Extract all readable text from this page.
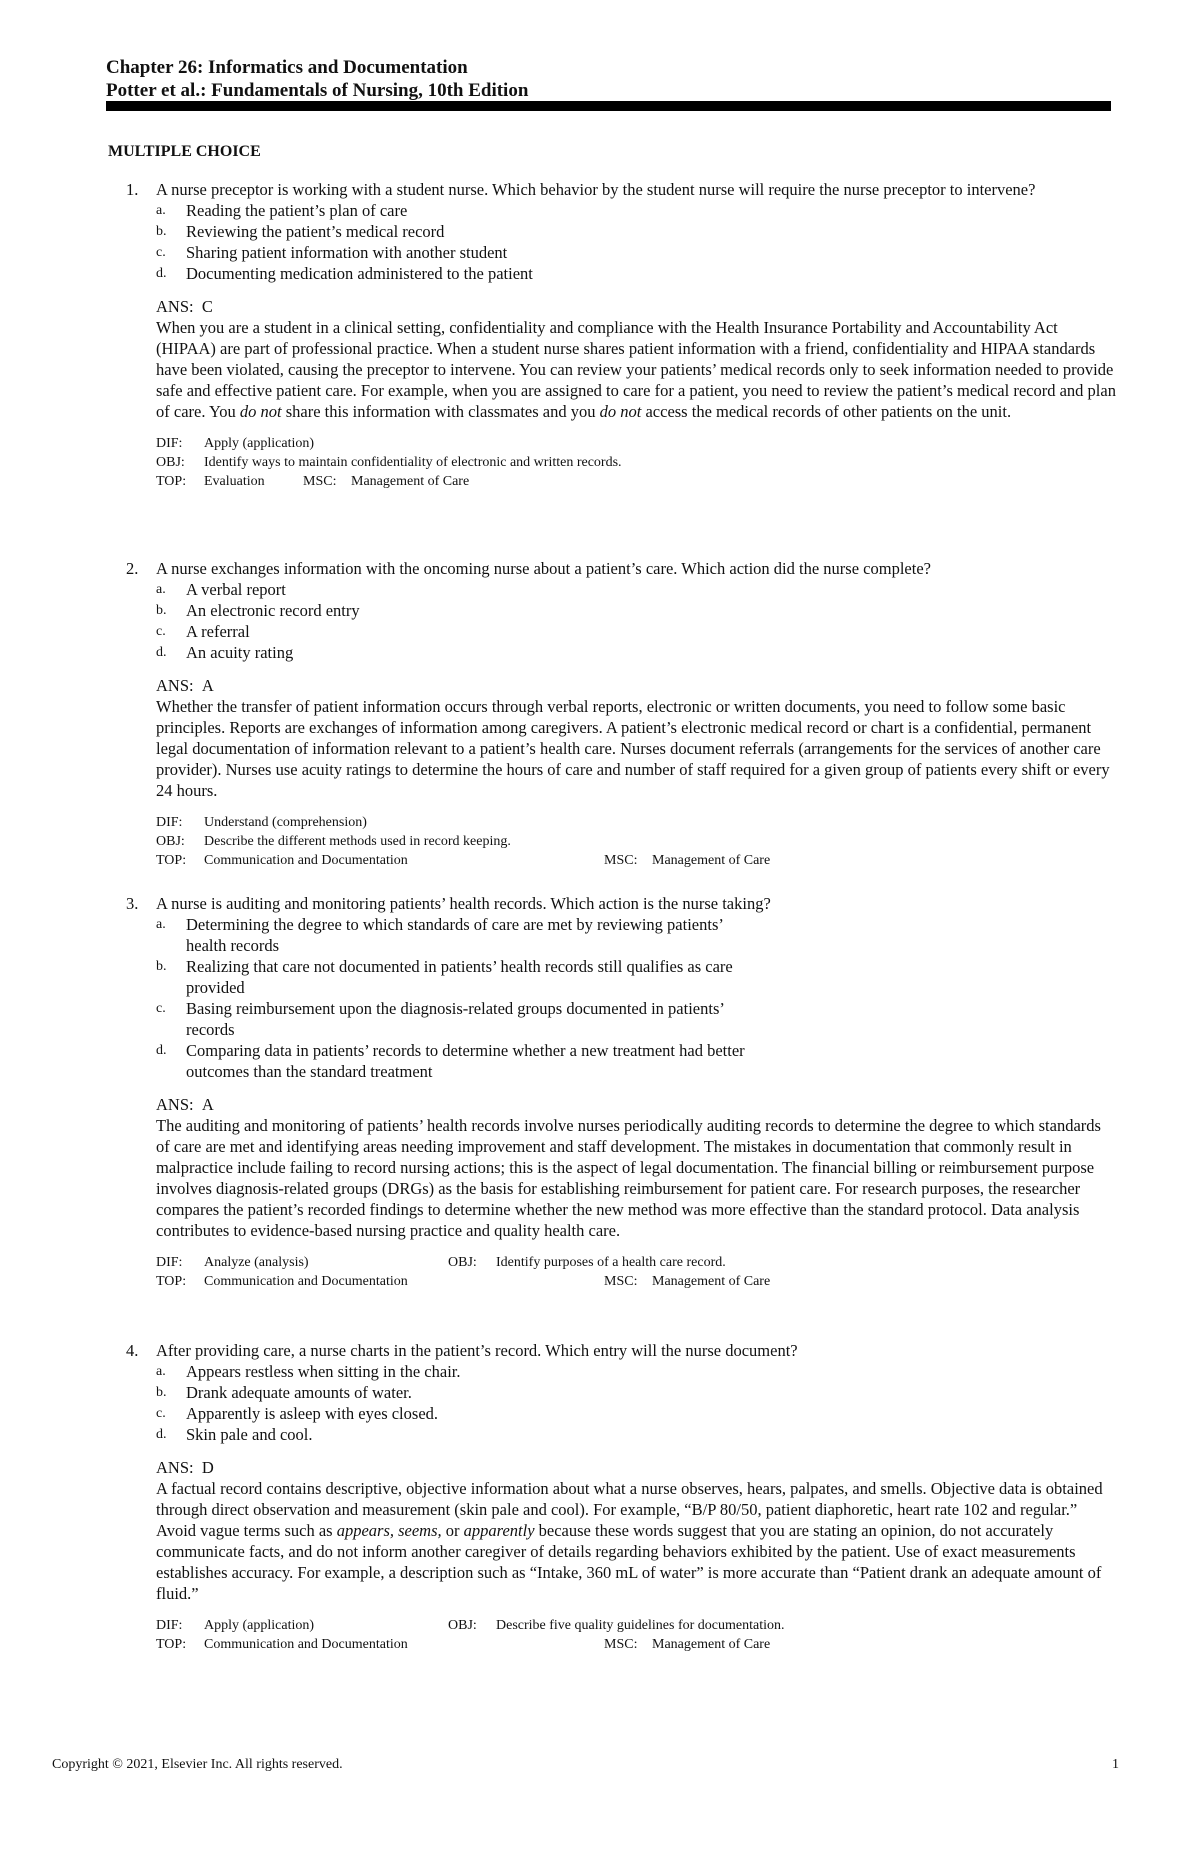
Chapter 26: Informatics and Documentation
Potter et al.: Fundamentals of Nursing, 10th Edition
MULTIPLE CHOICE
1. A nurse preceptor is working with a student nurse. Which behavior by the student nurse will require the nurse preceptor to intervene?
a. Reading the patient’s plan of care
b. Reviewing the patient’s medical record
c. Sharing patient information with another student
d. Documenting medication administered to the patient
ANS: C
When you are a student in a clinical setting, confidentiality and compliance with the Health Insurance Portability and Accountability Act (HIPAA) are part of professional practice. When a student nurse shares patient information with a friend, confidentiality and HIPAA standards have been violated, causing the preceptor to intervene. You can review your patients’ medical records only to seek information needed to provide safe and effective patient care. For example, when you are assigned to care for a patient, you need to review the patient’s medical record and plan of care. You do not share this information with classmates and you do not access the medical records of other patients on the unit.
DIF: Apply (application)
OBJ: Identify ways to maintain confidentiality of electronic and written records.
TOP: Evaluation	MSC: Management of Care
2. A nurse exchanges information with the oncoming nurse about a patient’s care. Which action did the nurse complete?
a. A verbal report
b. An electronic record entry
c. A referral
d. An acuity rating
ANS: A
Whether the transfer of patient information occurs through verbal reports, electronic or written documents, you need to follow some basic principles. Reports are exchanges of information among caregivers. A patient’s electronic medical record or chart is a confidential, permanent legal documentation of information relevant to a patient’s health care. Nurses document referrals (arrangements for the services of another care provider). Nurses use acuity ratings to determine the hours of care and number of staff required for a given group of patients every shift or every 24 hours.
DIF: Understand (comprehension)
OBJ: Describe the different methods used in record keeping.
TOP: Communication and Documentation	MSC: Management of Care
3. A nurse is auditing and monitoring patients’ health records. Which action is the nurse taking?
a. Determining the degree to which standards of care are met by reviewing patients’ health records
b. Realizing that care not documented in patients’ health records still qualifies as care provided
c. Basing reimbursement upon the diagnosis-related groups documented in patients’ records
d. Comparing data in patients’ records to determine whether a new treatment had better outcomes than the standard treatment
ANS: A
The auditing and monitoring of patients’ health records involve nurses periodically auditing records to determine the degree to which standards of care are met and identifying areas needing improvement and staff development. The mistakes in documentation that commonly result in malpractice include failing to record nursing actions; this is the aspect of legal documentation. The financial billing or reimbursement purpose involves diagnosis-related groups (DRGs) as the basis for establishing reimbursement for patient care. For research purposes, the researcher compares the patient’s recorded findings to determine whether the new method was more effective than the standard protocol. Data analysis contributes to evidence-based nursing practice and quality health care.
DIF: Analyze (analysis)	OBJ: Identify purposes of a health care record.
TOP: Communication and Documentation	MSC: Management of Care
4. After providing care, a nurse charts in the patient’s record. Which entry will the nurse document?
a. Appears restless when sitting in the chair.
b. Drank adequate amounts of water.
c. Apparently is asleep with eyes closed.
d. Skin pale and cool.
ANS: D
A factual record contains descriptive, objective information about what a nurse observes, hears, palpates, and smells. Objective data is obtained through direct observation and measurement (skin pale and cool). For example, “B/P 80/50, patient diaphoretic, heart rate 102 and regular.” Avoid vague terms such as appears, seems, or apparently because these words suggest that you are stating an opinion, do not accurately communicate facts, and do not inform another caregiver of details regarding behaviors exhibited by the patient. Use of exact measurements establishes accuracy. For example, a description such as “Intake, 360 mL of water” is more accurate than “Patient drank an adequate amount of fluid.”
DIF: Apply (application)	OBJ: Describe five quality guidelines for documentation.
TOP: Communication and Documentation	MSC: Management of Care
Copyright © 2021, Elsevier Inc. All rights reserved.	1
